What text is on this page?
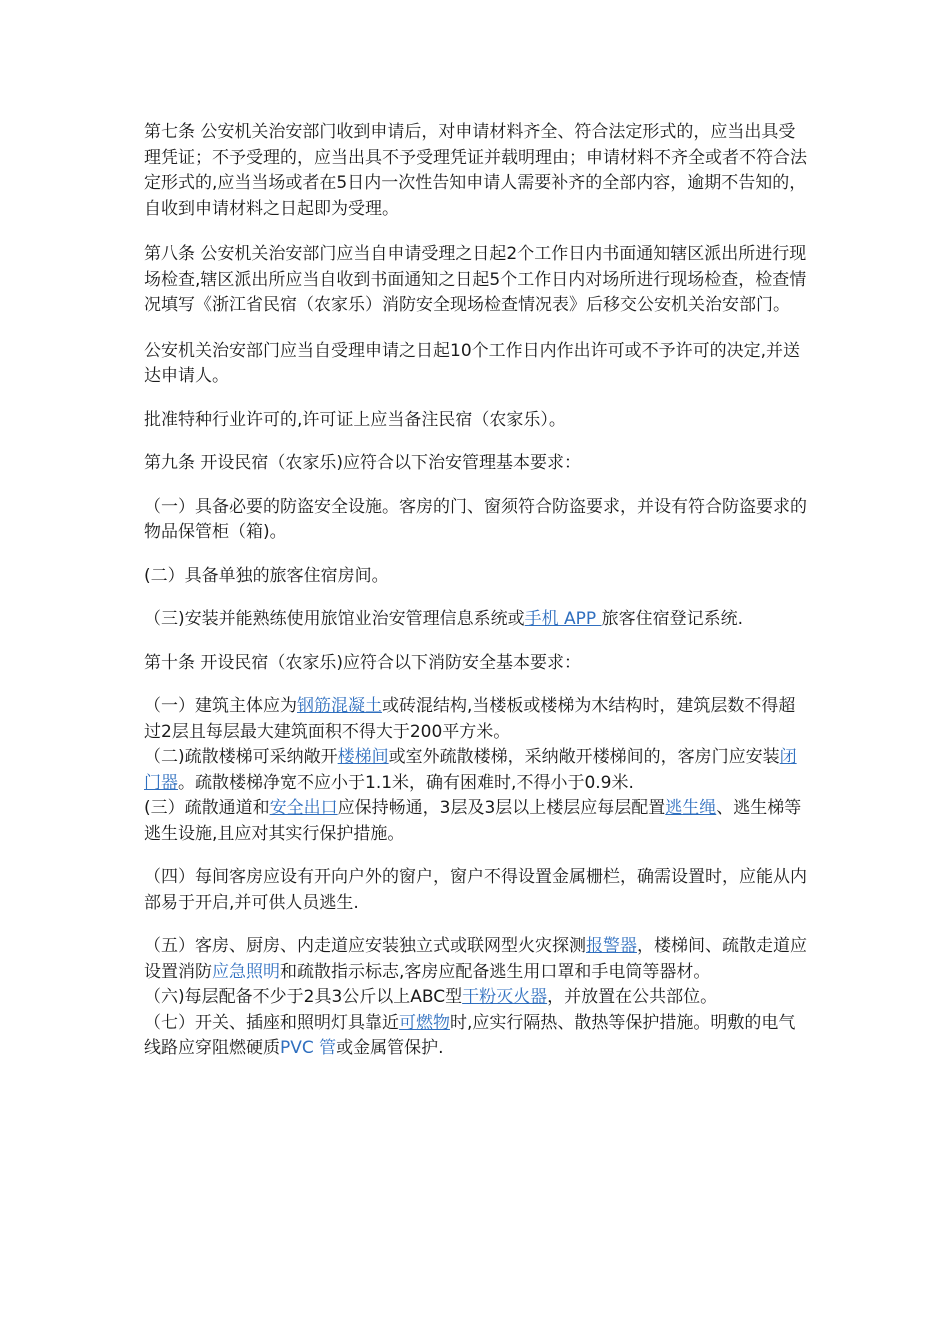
第七条 公安机关治安部门收到申请后，对申请材料齐全、符合法定形式的，应当出具受理凭证；不予受理的，应当出具不予受理凭证并载明理由；申请材料不齐全或者不符合法定形式的,应当当场或者在5日内一次性告知申请人需要补齐的全部内容，逾期不告知的，自收到申请材料之日起即为受理。

第八条 公安机关治安部门应当自申请受理之日起2个工作日内书面通知辖区派出所进行现场检查,辖区派出所应当自收到书面通知之日起5个工作日内对场所进行现场检查，检查情况填写《浙江省民宿（农家乐）消防安全现场检查情况表》后移交公安机关治安部门。

公安机关治安部门应当自受理申请之日起10个工作日内作出许可或不予许可的决定,并送达申请人。

批准特种行业许可的,许可证上应当备注民宿（农家乐）。

第九条 开设民宿（农家乐)应符合以下治安管理基本要求：

（一）具备必要的防盗安全设施。客房的门、窗须符合防盗要求，并设有符合防盗要求的物品保管柜（箱)。

(二）具备单独的旅客住宿房间。

（三)安装并能熟练使用旅馆业治安管理信息系统或手机 APP 旅客住宿登记系统.

第十条 开设民宿（农家乐)应符合以下消防安全基本要求：

（一）建筑主体应为钢筋混凝土或砖混结构,当楼板或楼梯为木结构时，建筑层数不得超过2层且每层最大建筑面积不得大于200平方米。

（二)疏散楼梯可采纳敞开楼梯间或室外疏散楼梯，采纳敞开楼梯间的，客房门应安装闭门器。疏散楼梯净宽不应小于1.1米，确有困难时,不得小于0.9米.

(三）疏散通道和安全出口应保持畅通，3层及3层以上楼层应每层配置逃生绳、逃生梯等逃生设施,且应对其实行保护措施。

（四）每间客房应设有开向户外的窗户，窗户不得设置金属栅栏，确需设置时，应能从内部易于开启,并可供人员逃生.

（五）客房、厨房、内走道应安装独立式或联网型火灾探测报警器，楼梯间、疏散走道应设置消防应急照明和疏散指示标志,客房应配备逃生用口罩和手电筒等器材。

（六)每层配备不少于2具3公斤以上ABC型干粉灭火器，并放置在公共部位。

（七）开关、插座和照明灯具靠近可燃物时,应实行隔热、散热等保护措施。明敷的电气线路应穿阻燃硬质PVC 管或金属管保护.
